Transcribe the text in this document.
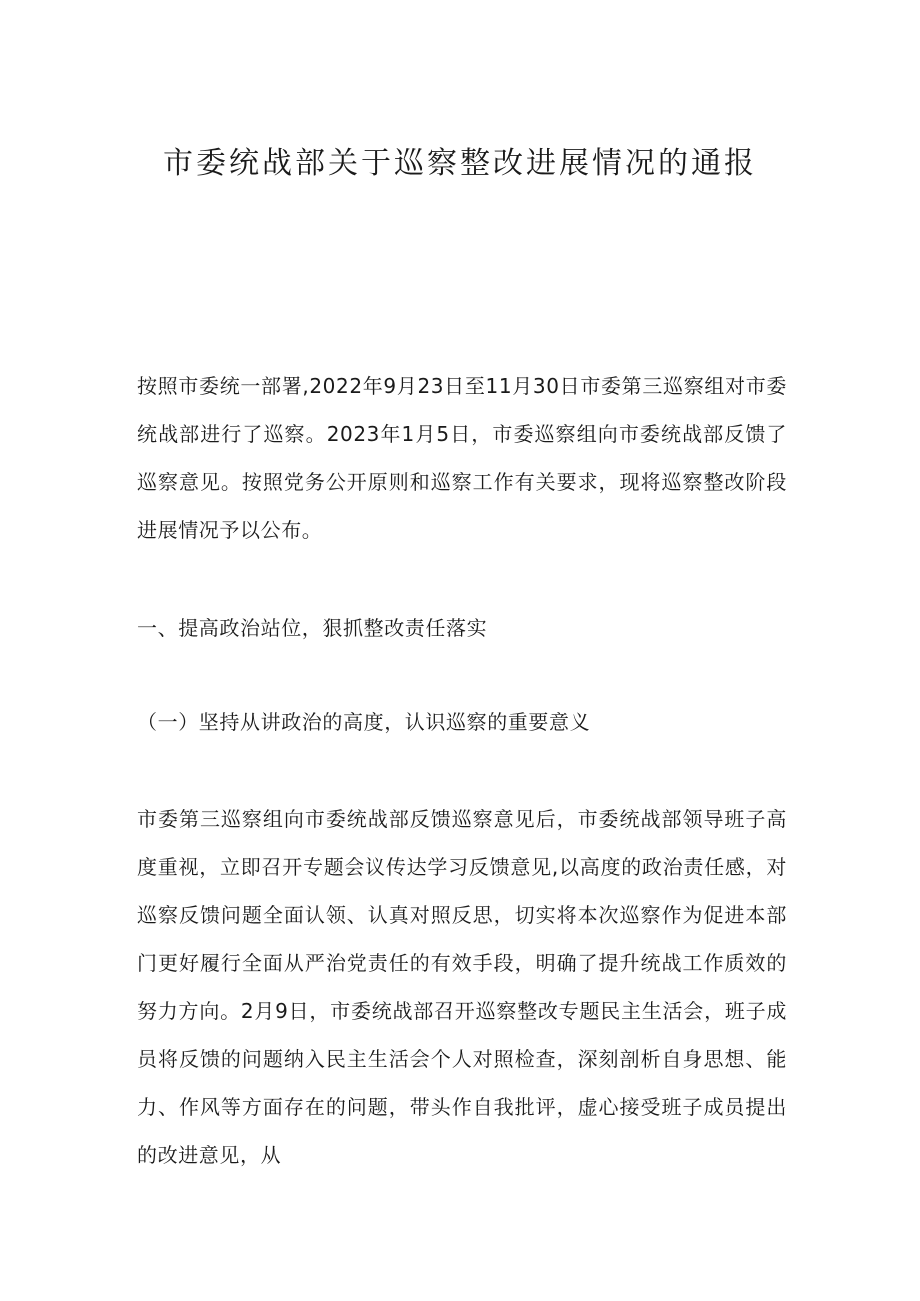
市委统战部关于巡察整改进展情况的通报

按照市委统一部署,2022年9月23日至11月30日市委第三巡察组对市委统战部进行了巡察。2023年1月5日，市委巡察组向市委统战部反馈了巡察意见。按照党务公开原则和巡察工作有关要求，现将巡察整改阶段进展情况予以公布。

一、提高政治站位，狠抓整改责任落实

（一）坚持从讲政治的高度，认识巡察的重要意义

市委第三巡察组向市委统战部反馈巡察意见后，市委统战部领导班子高度重视，立即召开专题会议传达学习反馈意见,以高度的政治责任感，对巡察反馈问题全面认领、认真对照反思，切实将本次巡察作为促进本部门更好履行全面从严治党责任的有效手段，明确了提升统战工作质效的努力方向。2月9日，市委统战部召开巡察整改专题民主生活会，班子成员将反馈的问题纳入民主生活会个人对照检查，深刻剖析自身思想、能力、作风等方面存在的问题，带头作自我批评，虚心接受班子成员提出的改进意见，从
